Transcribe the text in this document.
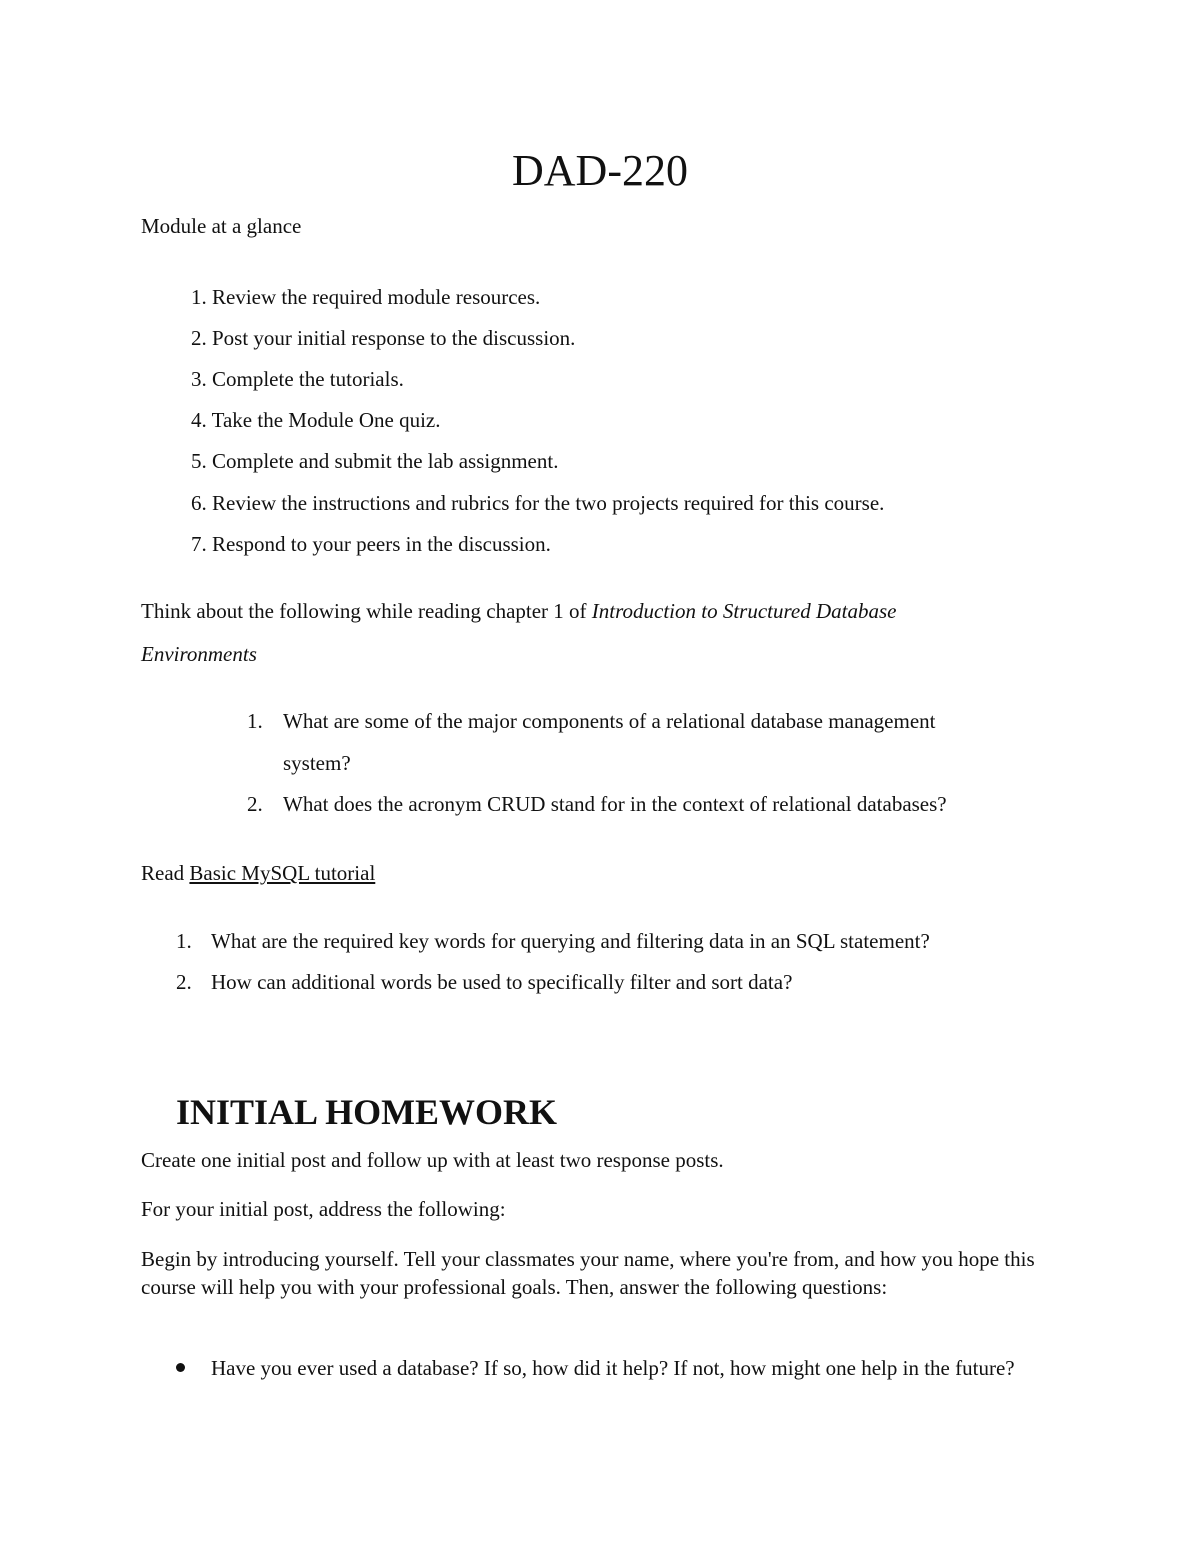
DAD-220
Module at a glance
1. Review the required module resources.
2. Post your initial response to the discussion.
3. Complete the tutorials.
4. Take the Module One quiz.
5. Complete and submit the lab assignment.
6. Review the instructions and rubrics for the two projects required for this course.
7. Respond to your peers in the discussion.
Think about the following while reading chapter 1 of Introduction to Structured Database
Environments
1. What are some of the major components of a relational database management
system?
2. What does the acronym CRUD stand for in the context of relational databases?
Read Basic MySQL tutorial
1. What are the required key words for querying and filtering data in an SQL statement?
2. How can additional words be used to specifically filter and sort data?
INITIAL HOMEWORK
Create one initial post and follow up with at least two response posts.
For your initial post, address the following:
Begin by introducing yourself. Tell your classmates your name, where you're from, and how you hope this course will help you with your professional goals. Then, answer the following questions:
Have you ever used a database? If so, how did it help? If not, how might one help in the future?
